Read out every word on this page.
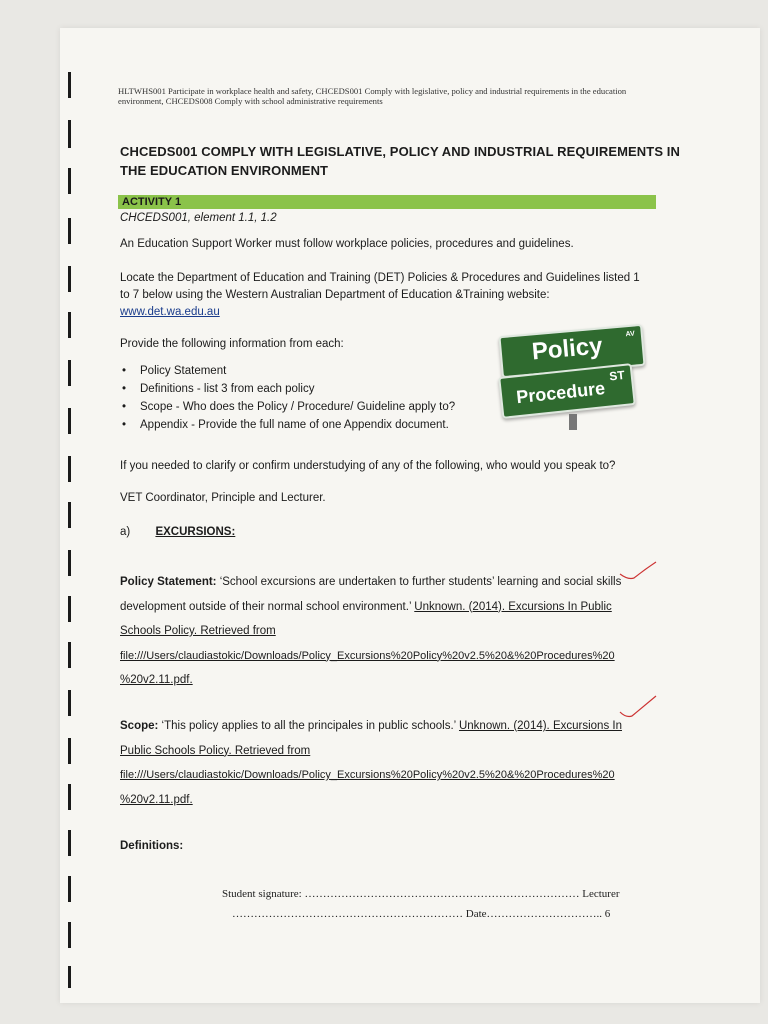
HLTWHS001 Participate in workplace health and safety, CHCEDS001 Comply with legislative, policy and industrial requirements in the education
environment, CHCEDS008 Comply with school administrative requirements
CHCEDS001 COMPLY WITH LEGISLATIVE, POLICY AND INDUSTRIAL REQUIREMENTS IN
THE EDUCATION ENVIRONMENT
ACTIVITY 1
CHCEDS001, element 1.1, 1.2
An Education Support Worker must follow workplace policies, procedures and guidelines.
Locate the Department of Education and Training (DET) Policies & Procedures and Guidelines listed 1
to 7 below using the Western Australian Department of Education &Training website:
www.det.wa.edu.au
Provide the following information from each:
• Policy Statement
• Definitions - list 3 from each policy
• Scope - Who does the Policy / Procedure/ Guideline apply to?
• Appendix - Provide the full name of one Appendix document.
Policy	AV
Procedure
ST
If you needed to clarify or confirm understudying of any of the following, who would you speak to?
VET Coordinator, Principle and Lecturer.
a) EXCURSIONS:
Policy Statement: ‘School excursions are undertaken to further students’ learning and social skills
development outside of their normal school environment.’ Unknown. (2014). Excursions In Public
Schools Policy. Retrieved from
file:///Users/claudiastokic/Downloads/Policy_Excursions%20Policy%20v2.5%20&%20Procedures%20
%20v2.11.pdf.
Scope: ‘This policy applies to all the principales in public schools.’ Unknown. (2014). Excursions In
Public Schools Policy. Retrieved from
file:///Users/claudiastokic/Downloads/Policy_Excursions%20Policy%20v2.5%20&%20Procedures%20
%20v2.11.pdf.
Definitions:
Student signature: ………………………………………………………………… Lecturer
……………………………………………………… Date………………………….. 6
